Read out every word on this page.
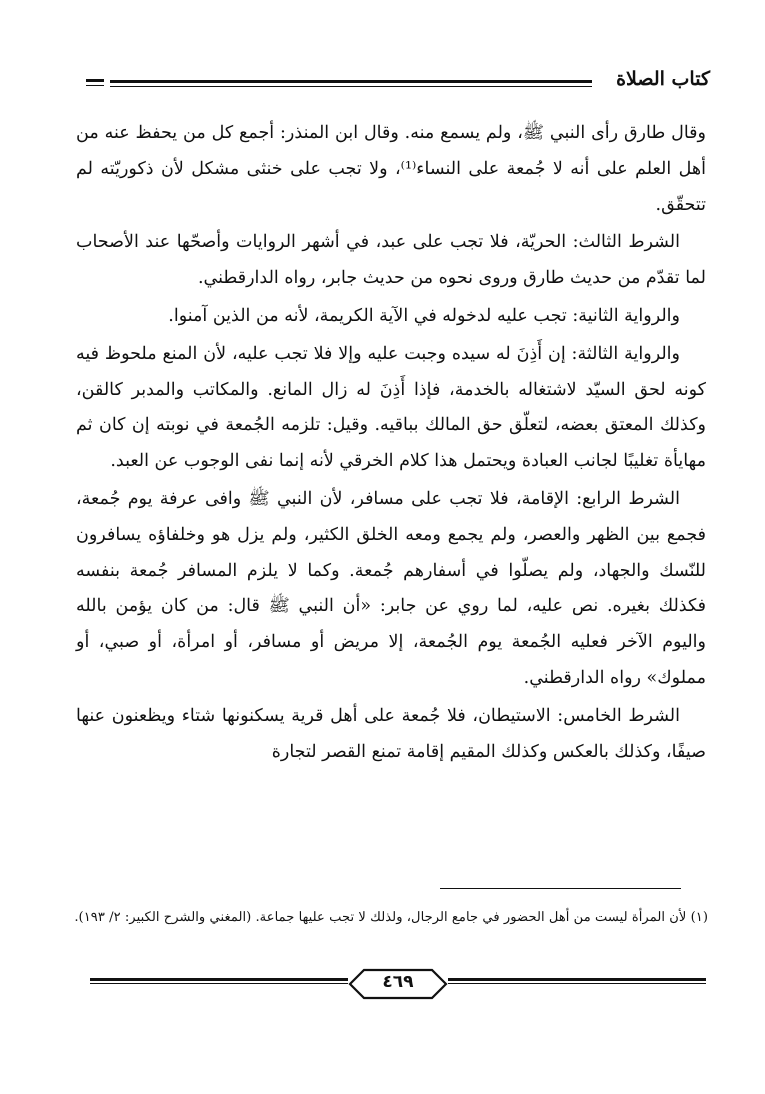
كتاب الصلاة

وقال طارق رأى النبي ﷺ، ولم يسمع منه. وقال ابن المنذر: أجمع كل من يحفظ عنه من أهل العلم على أنه لا جُمعة على النساء⁽¹⁾، ولا تجب على خنثى مشكل لأن ذكوريّته لم تتحقّق.

الشرط الثالث: الحريّة، فلا تجب على عبد، في أشهر الروايات وأصحّها عند الأصحاب لما تقدّم من حديث طارق وروى نحوه من حديث جابر، رواه الدارقطني.

والرواية الثانية: تجب عليه لدخوله في الآية الكريمة، لأنه من الذين آمنوا.

والرواية الثالثة: إن أَذِنَ له سيده وجبت عليه وإلا فلا تجب عليه، لأن المنع ملحوظ فيه كونه لحق السيّد لاشتغاله بالخدمة، فإذا أَذِنَ له زال المانع. والمكاتب والمدبر كالقن، وكذلك المعتق بعضه، لتعلّق حق المالك بباقيه. وقيل: تلزمه الجُمعة في نوبته إن كان ثم مهايأة تغليبًا لجانب العبادة ويحتمل هذا كلام الخرقي لأنه إنما نفى الوجوب عن العبد.

الشرط الرابع: الإقامة، فلا تجب على مسافر، لأن النبي ﷺ وافى عرفة يوم جُمعة، فجمع بين الظهر والعصر، ولم يجمع ومعه الخلق الكثير، ولم يزل هو وخلفاؤه يسافرون للنّسك والجهاد، ولم يصلّوا في أسفارهم جُمعة. وكما لا يلزم المسافر جُمعة بنفسه فكذلك بغيره. نص عليه، لما روي عن جابر: «أن النبي ﷺ قال: من كان يؤمن بالله واليوم الآخر فعليه الجُمعة يوم الجُمعة، إلا مريض أو مسافر، أو امرأة، أو صبي، أو مملوك» رواه الدارقطني.

الشرط الخامس: الاستيطان، فلا جُمعة على أهل قرية يسكنونها شتاء ويظعنون عنها صيفًا، وكذلك بالعكس وكذلك المقيم إقامة تمنع القصر لتجارة

(١) لأن المرأة ليست من أهل الحضور في جامع الرجال، ولذلك لا تجب عليها جماعة. (المغني والشرح الكبير: ٢/ ١٩٣).
٤٦٩
